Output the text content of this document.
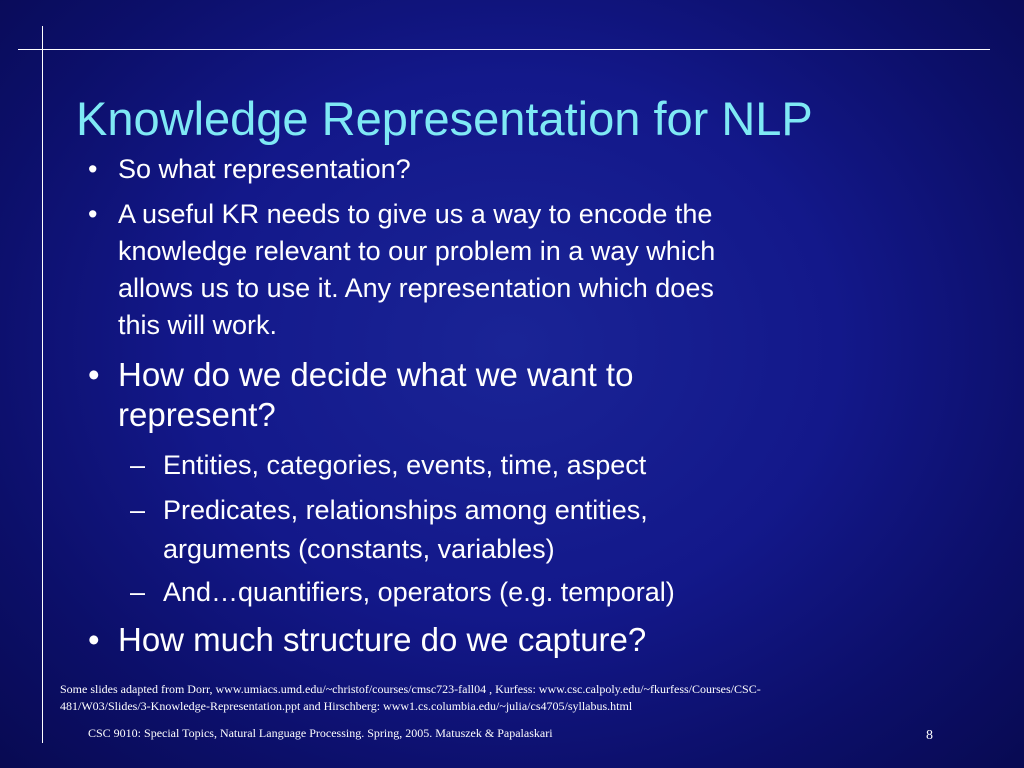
Knowledge Representation for NLP
• So what representation?
• A useful KR needs to give us a way to encode the
knowledge relevant to our problem in a way which
allows us to use it. Any representation which does
this will work.
• How do we decide what we want to
represent?
– Entities, categories, events, time, aspect
– Predicates, relationships among entities,
arguments (constants, variables)
– And…quantifiers, operators (e.g. temporal)
• How much structure do we capture?
Some slides adapted from Dorr, www.umiacs.umd.edu/~christof/courses/cmsc723-fall04 , Kurfess: www.csc.calpoly.edu/~fkurfess/Courses/CSC-
481/W03/Slides/3-Knowledge-Representation.ppt and Hirschberg: www1.cs.columbia.edu/~julia/cs4705/syllabus.html
CSC 9010: Special Topics, Natural Language Processing. Spring, 2005. Matuszek & Papalaskari	8
